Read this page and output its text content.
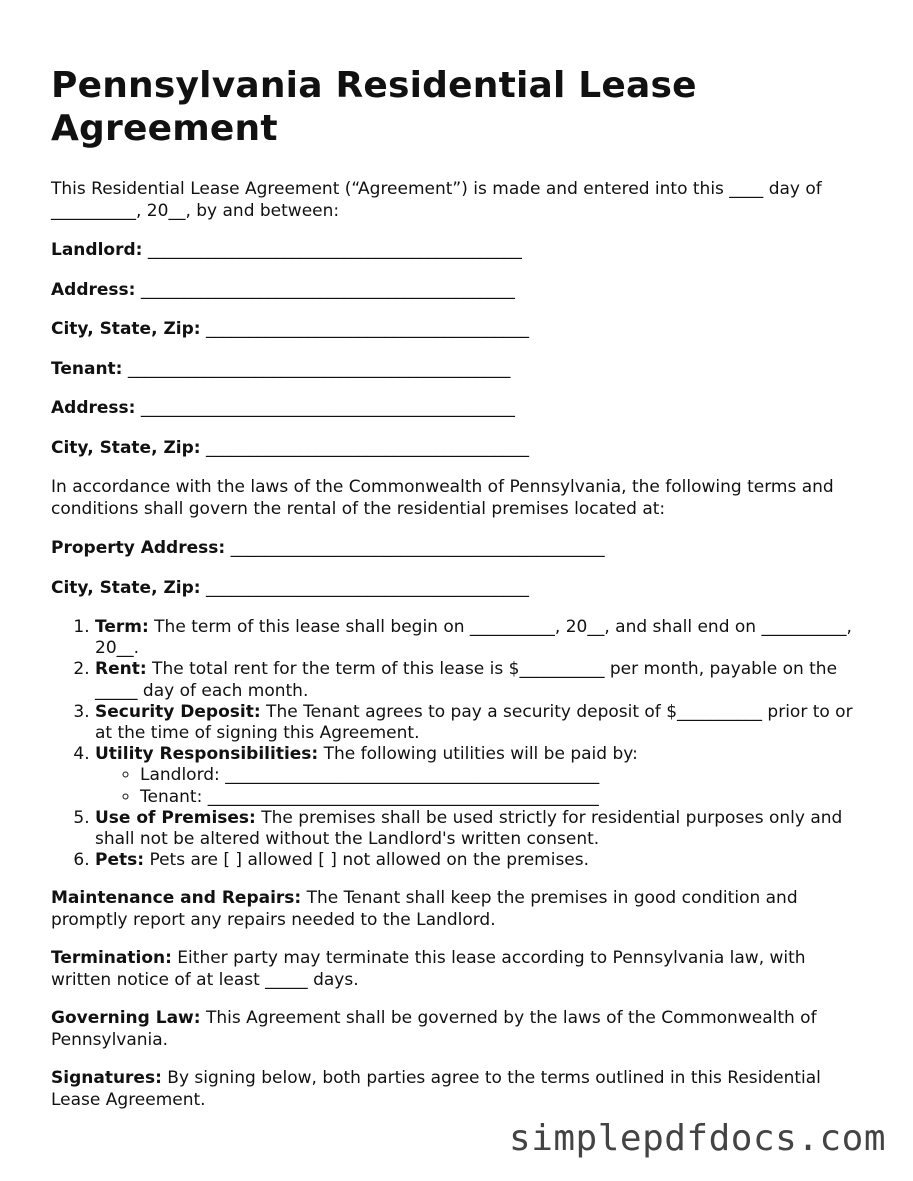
Pennsylvania Residential Lease Agreement

This Residential Lease Agreement (“Agreement”) is made and entered into this ____ day of __________, 20__, by and between:

Landlord: ____________________________________________

Address: ____________________________________________

City, State, Zip: ______________________________________

Tenant: _____________________________________________

Address: ____________________________________________

City, State, Zip: ______________________________________

In accordance with the laws of the Commonwealth of Pennsylvania, the following terms and conditions shall govern the rental of the residential premises located at:

Property Address: ____________________________________________

City, State, Zip: ______________________________________

1. Term: The term of this lease shall begin on __________, 20__, and shall end on __________, 20__.
2. Rent: The total rent for the term of this lease is $__________ per month, payable on the _____ day of each month.
3. Security Deposit: The Tenant agrees to pay a security deposit of $__________ prior to or at the time of signing this Agreement.
4. Utility Responsibilities: The following utilities will be paid by:
◦ Landlord: ____________________________________________
◦ Tenant: ______________________________________________
5. Use of Premises: The premises shall be used strictly for residential purposes only and shall not be altered without the Landlord's written consent.
6. Pets: Pets are [ ] allowed [ ] not allowed on the premises.

Maintenance and Repairs: The Tenant shall keep the premises in good condition and promptly report any repairs needed to the Landlord.

Termination: Either party may terminate this lease according to Pennsylvania law, with written notice of at least _____ days.

Governing Law: This Agreement shall be governed by the laws of the Commonwealth of Pennsylvania.

Signatures: By signing below, both parties agree to the terms outlined in this Residential Lease Agreement.

simplepdfdocs.com
